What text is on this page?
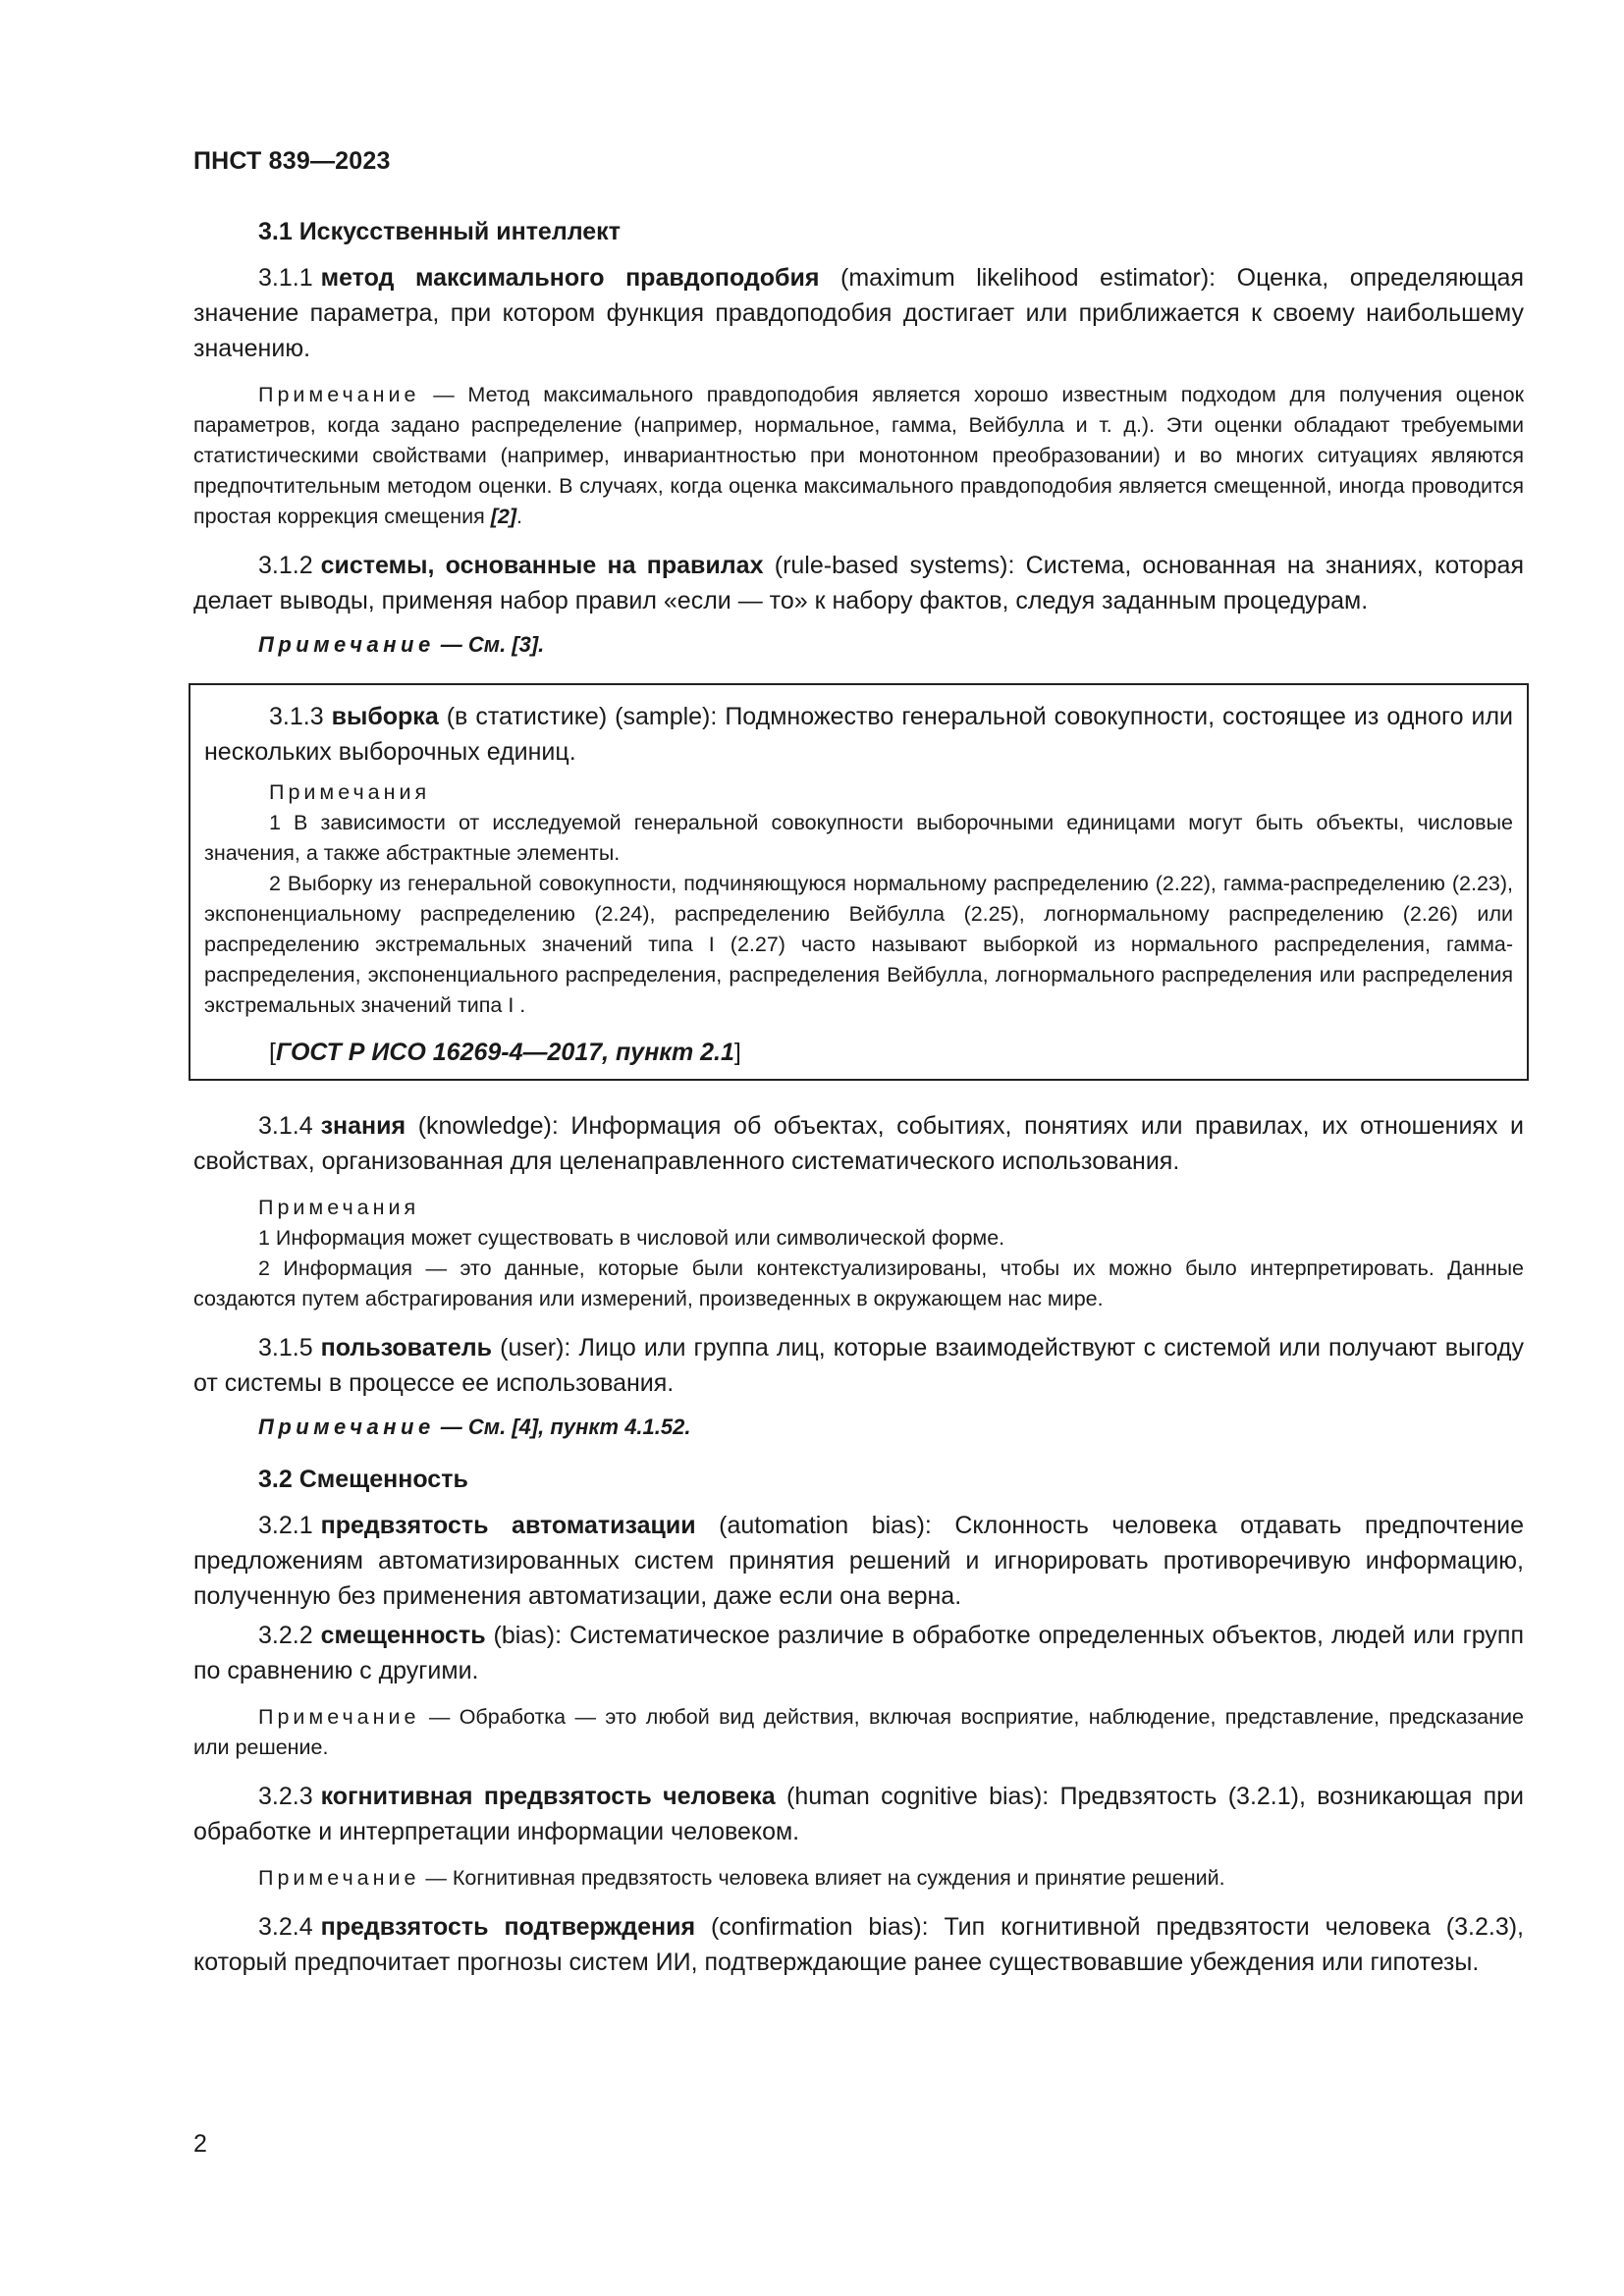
ПНСТ 839—2023

3.1 Искусственный интеллект

3.1.1 метод максимального правдоподобия (maximum likelihood estimator): Оценка, определяющая значение параметра, при котором функция правдоподобия достигает или приближается к своему наибольшему значению.

Примечание — Метод максимального правдоподобия является хорошо известным подходом для получения оценок параметров, когда задано распределение (например, нормальное, гамма, Вейбулла и т. д.). Эти оценки обладают требуемыми статистическими свойствами (например, инвариантностью при монотонном преобразовании) и во многих ситуациях являются предпочтительным методом оценки. В случаях, когда оценка максимального правдоподобия является смещенной, иногда проводится простая коррекция смещения [2].

3.1.2 системы, основанные на правилах (rule-based systems): Система, основанная на знаниях, которая делает выводы, применяя набор правил «если — то» к набору фактов, следуя заданным процедурам.

Примечание — См. [3].

3.1.3 выборка (в статистике) (sample): Подмножество генеральной совокупности, состоящее из одного или нескольких выборочных единиц.

Примечания

1 В зависимости от исследуемой генеральной совокупности выборочными единицами могут быть объекты, числовые значения, а также абстрактные элементы.

2 Выборку из генеральной совокупности, подчиняющуюся нормальному распределению (2.22), гамма-распределению (2.23), экспоненциальному распределению (2.24), распределению Вейбулла (2.25), логнормальному распределению (2.26) или распределению экстремальных значений типа I (2.27) часто называют выборкой из нормального распределения, гамма-распределения, экспоненциального распределения, распределения Вейбулла, логнормального распределения или распределения экстремальных значений типа I .

[ГОСТ Р ИСО 16269-4—2017, пункт 2.1]

3.1.4 знания (knowledge): Информация об объектах, событиях, понятиях или правилах, их отношениях и свойствах, организованная для целенаправленного систематического использования.

Примечания

1 Информация может существовать в числовой или символической форме.

2 Информация — это данные, которые были контекстуализированы, чтобы их можно было интерпретировать. Данные создаются путем абстрагирования или измерений, произведенных в окружающем нас мире.

3.1.5 пользователь (user): Лицо или группа лиц, которые взаимодействуют с системой или получают выгоду от системы в процессе ее использования.

Примечание — См. [4], пункт 4.1.52.

3.2 Смещенность

3.2.1 предвзятость автоматизации (automation bias): Склонность человека отдавать предпочтение предложениям автоматизированных систем принятия решений и игнорировать противоречивую информацию, полученную без применения автоматизации, даже если она верна.

3.2.2 смещенность (bias): Систематическое различие в обработке определенных объектов, людей или групп по сравнению с другими.

Примечание — Обработка — это любой вид действия, включая восприятие, наблюдение, представление, предсказание или решение.

3.2.3 когнитивная предвзятость человека (human cognitive bias): Предвзятость (3.2.1), возникающая при обработке и интерпретации информации человеком.

Примечание — Когнитивная предвзятость человека влияет на суждения и принятие решений.

3.2.4 предвзятость подтверждения (confirmation bias): Тип когнитивной предвзятости человека (3.2.3), который предпочитает прогнозы систем ИИ, подтверждающие ранее существовавшие убеждения или гипотезы.

2
